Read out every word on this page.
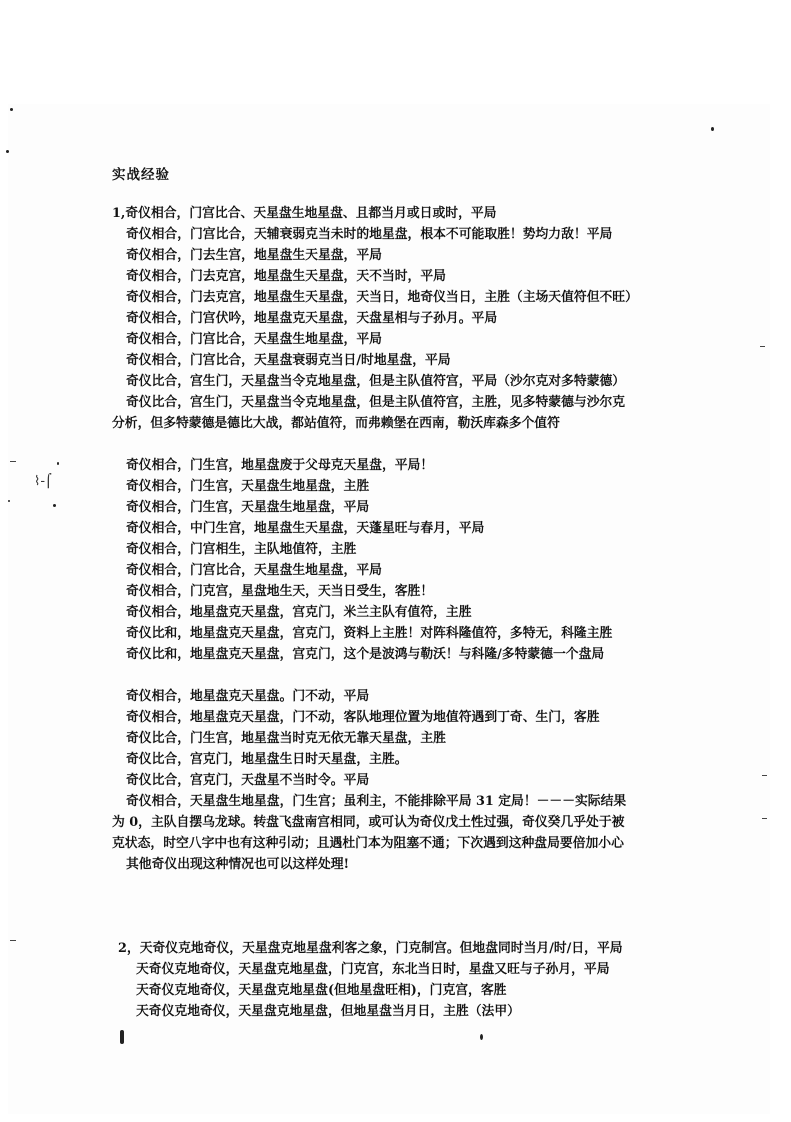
⌇-⌠
实战经验
1,奇仪相合，门宫比合、天星盘生地星盘、且都当月或日或时，平局
奇仪相合，门宫比合，天辅衰弱克当未时的地星盘，根本不可能取胜！势均力敌！平局
奇仪相合，门去生宫，地星盘生天星盘，平局
奇仪相合，门去克宫，地星盘生天星盘，天不当时，平局
奇仪相合，门去克宫，地星盘生天星盘，天当日，地奇仪当日，主胜（主场天值符但不旺）
奇仪相合，门宫伏吟，地星盘克天星盘，天盘星相与子孙月。平局
奇仪相合，门宫比合，天星盘生地星盘，平局
奇仪相合，门宫比合，天星盘衰弱克当日/时地星盘，平局
奇仪比合，宫生门，天星盘当令克地星盘，但是主队值符宫，平局（沙尔克对多特蒙德）
奇仪比合，宫生门，天星盘当令克地星盘，但是主队值符宫，主胜，见多特蒙德与沙尔克
分析，但多特蒙德是德比大战，都站值符，而弗赖堡在西南，勒沃库森多个值符
奇仪相合，门生宫，地星盘废于父母克天星盘，平局！
奇仪相合，门生宫，天星盘生地星盘，主胜
奇仪相合，门生宫，天星盘生地星盘，平局
奇仪相合，中门生宫，地星盘生天星盘，天蓬星旺与春月，平局
奇仪相合，门宫相生，主队地值符，主胜
奇仪相合，门宫比合，天星盘生地星盘，平局
奇仪相合，门克宫，星盘地生天，天当日受生，客胜！
奇仪相合，地星盘克天星盘，宫克门，米兰主队有值符，主胜
奇仪比和，地星盘克天星盘，宫克门，资料上主胜！对阵科隆值符，多特无，科隆主胜
奇仪比和，地星盘克天星盘，宫克门，这个是波鸿与勒沃！与科隆/多特蒙德一个盘局
奇仪相合，地星盘克天星盘。门不动，平局
奇仪相合，地星盘克天星盘，门不动，客队地理位置为地值符遇到丁奇、生门，客胜
奇仪比合，门生宫，地星盘当时克无依无靠天星盘，主胜
奇仪比合，宫克门，地星盘生日时天星盘，主胜。
奇仪比合，宫克门，天盘星不当时令。平局
奇仪相合，天星盘生地星盘，门生宫；虽利主，不能排除平局 31 定局！－－－实际结果
为 0，主队自摆乌龙球。转盘飞盘南宫相同，或可认为奇仪戊土性过强，奇仪癸几乎处于被
克状态，时空八字中也有这种引动；且遇杜门本为阻塞不通；下次遇到这种盘局要倍加小心
其他奇仪出现这种情况也可以这样处理!
2，天奇仪克地奇仪，天星盘克地星盘利客之象，门克制宫。但地盘同时当月/时/日，平局
天奇仪克地奇仪，天星盘克地星盘，门克宫，东北当日时，星盘又旺与子孙月，平局
天奇仪克地奇仪，天星盘克地星盘(但地星盘旺相)，门克宫，客胜
天奇仪克地奇仪，天星盘克地星盘，但地星盘当月日，主胜（法甲）
